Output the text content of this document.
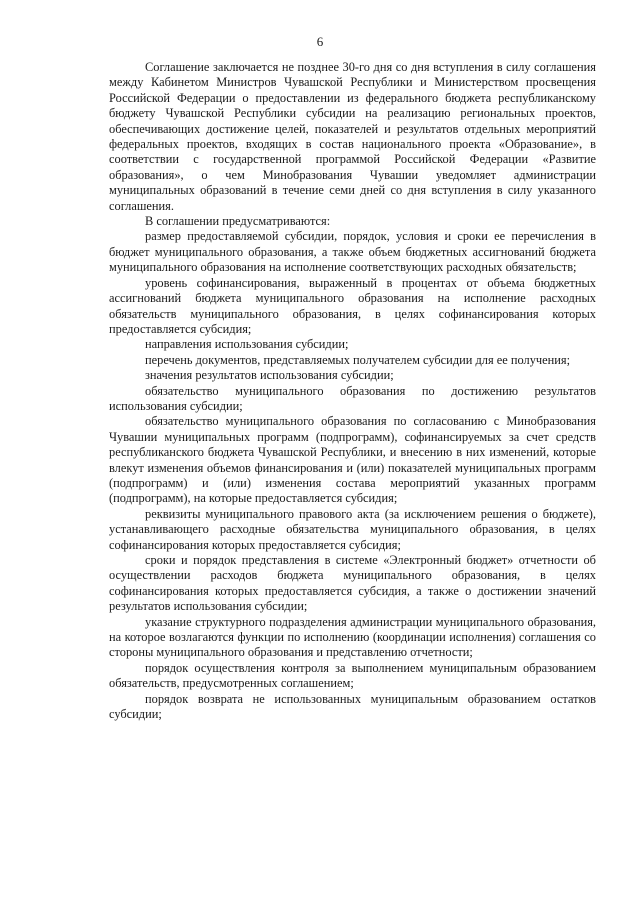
6

Соглашение заключается не позднее 30-го дня со дня вступления в силу соглашения между Кабинетом Министров Чувашской Республики и Министерством просвещения Российской Федерации о предоставлении из федерального бюджета республиканскому бюджету Чувашской Республики субсидии на реализацию региональных проектов, обеспечивающих достижение целей, показателей и результатов отдельных мероприятий федеральных проектов, входящих в состав национального проекта «Образование», в соответствии с государственной программой Российской Федерации «Развитие образования», о чем Минобразования Чувашии уведомляет администрации муниципальных образований в течение семи дней со дня вступления в силу указанного соглашения.

В соглашении предусматриваются:

размер предоставляемой субсидии, порядок, условия и сроки ее перечисления в бюджет муниципального образования, а также объем бюджетных ассигнований бюджета муниципального образования на исполнение соответствующих расходных обязательств;

уровень софинансирования, выраженный в процентах от объема бюджетных ассигнований бюджета муниципального образования на исполнение расходных обязательств муниципального образования, в целях софинансирования которых предоставляется субсидия;

направления использования субсидии;

перечень документов, представляемых получателем субсидии для ее получения;

значения результатов использования субсидии;

обязательство муниципального образования по достижению результатов использования субсидии;

обязательство муниципального образования по согласованию с Минобразования Чувашии муниципальных программ (подпрограмм), софинансируемых за счет средств республиканского бюджета Чувашской Республики, и внесению в них изменений, которые влекут изменения объемов финансирования и (или) показателей муниципальных программ (подпрограмм) и (или) изменения состава мероприятий указанных программ (подпрограмм), на которые предоставляется субсидия;

реквизиты муниципального правового акта (за исключением решения о бюджете), устанавливающего расходные обязательства муниципального образования, в целях софинансирования которых предоставляется субсидия;

сроки и порядок представления в системе «Электронный бюджет» отчетности об осуществлении расходов бюджета муниципального образования, в целях софинансирования которых предоставляется субсидия, а также о достижении значений результатов использования субсидии;

указание структурного подразделения администрации муниципального образования, на которое возлагаются функции по исполнению (координации исполнения) соглашения со стороны муниципального образования и представлению отчетности;

порядок осуществления контроля за выполнением муниципальным образованием обязательств, предусмотренных соглашением;

порядок возврата не использованных муниципальным образованием остатков субсидии;
